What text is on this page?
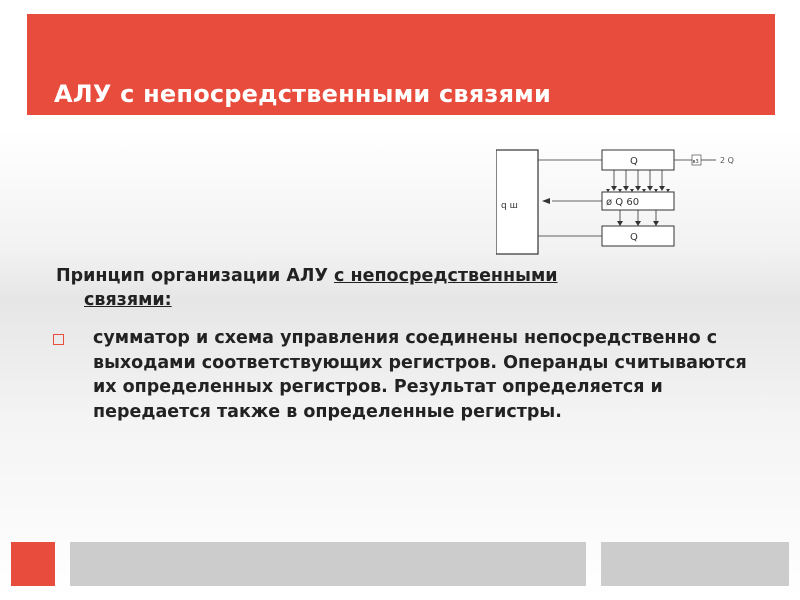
АЛУ с непосредственными связями
q ш
Q
ø Q 60
Q
в3	2 Q
Принцип организации АЛУ с непосредственными
связями:
сумматор и схема управления соединены непосредственно с выходами соответствующих регистров. Операнды считываются их определенных регистров. Результат определяется и передается также в определенные регистры.
